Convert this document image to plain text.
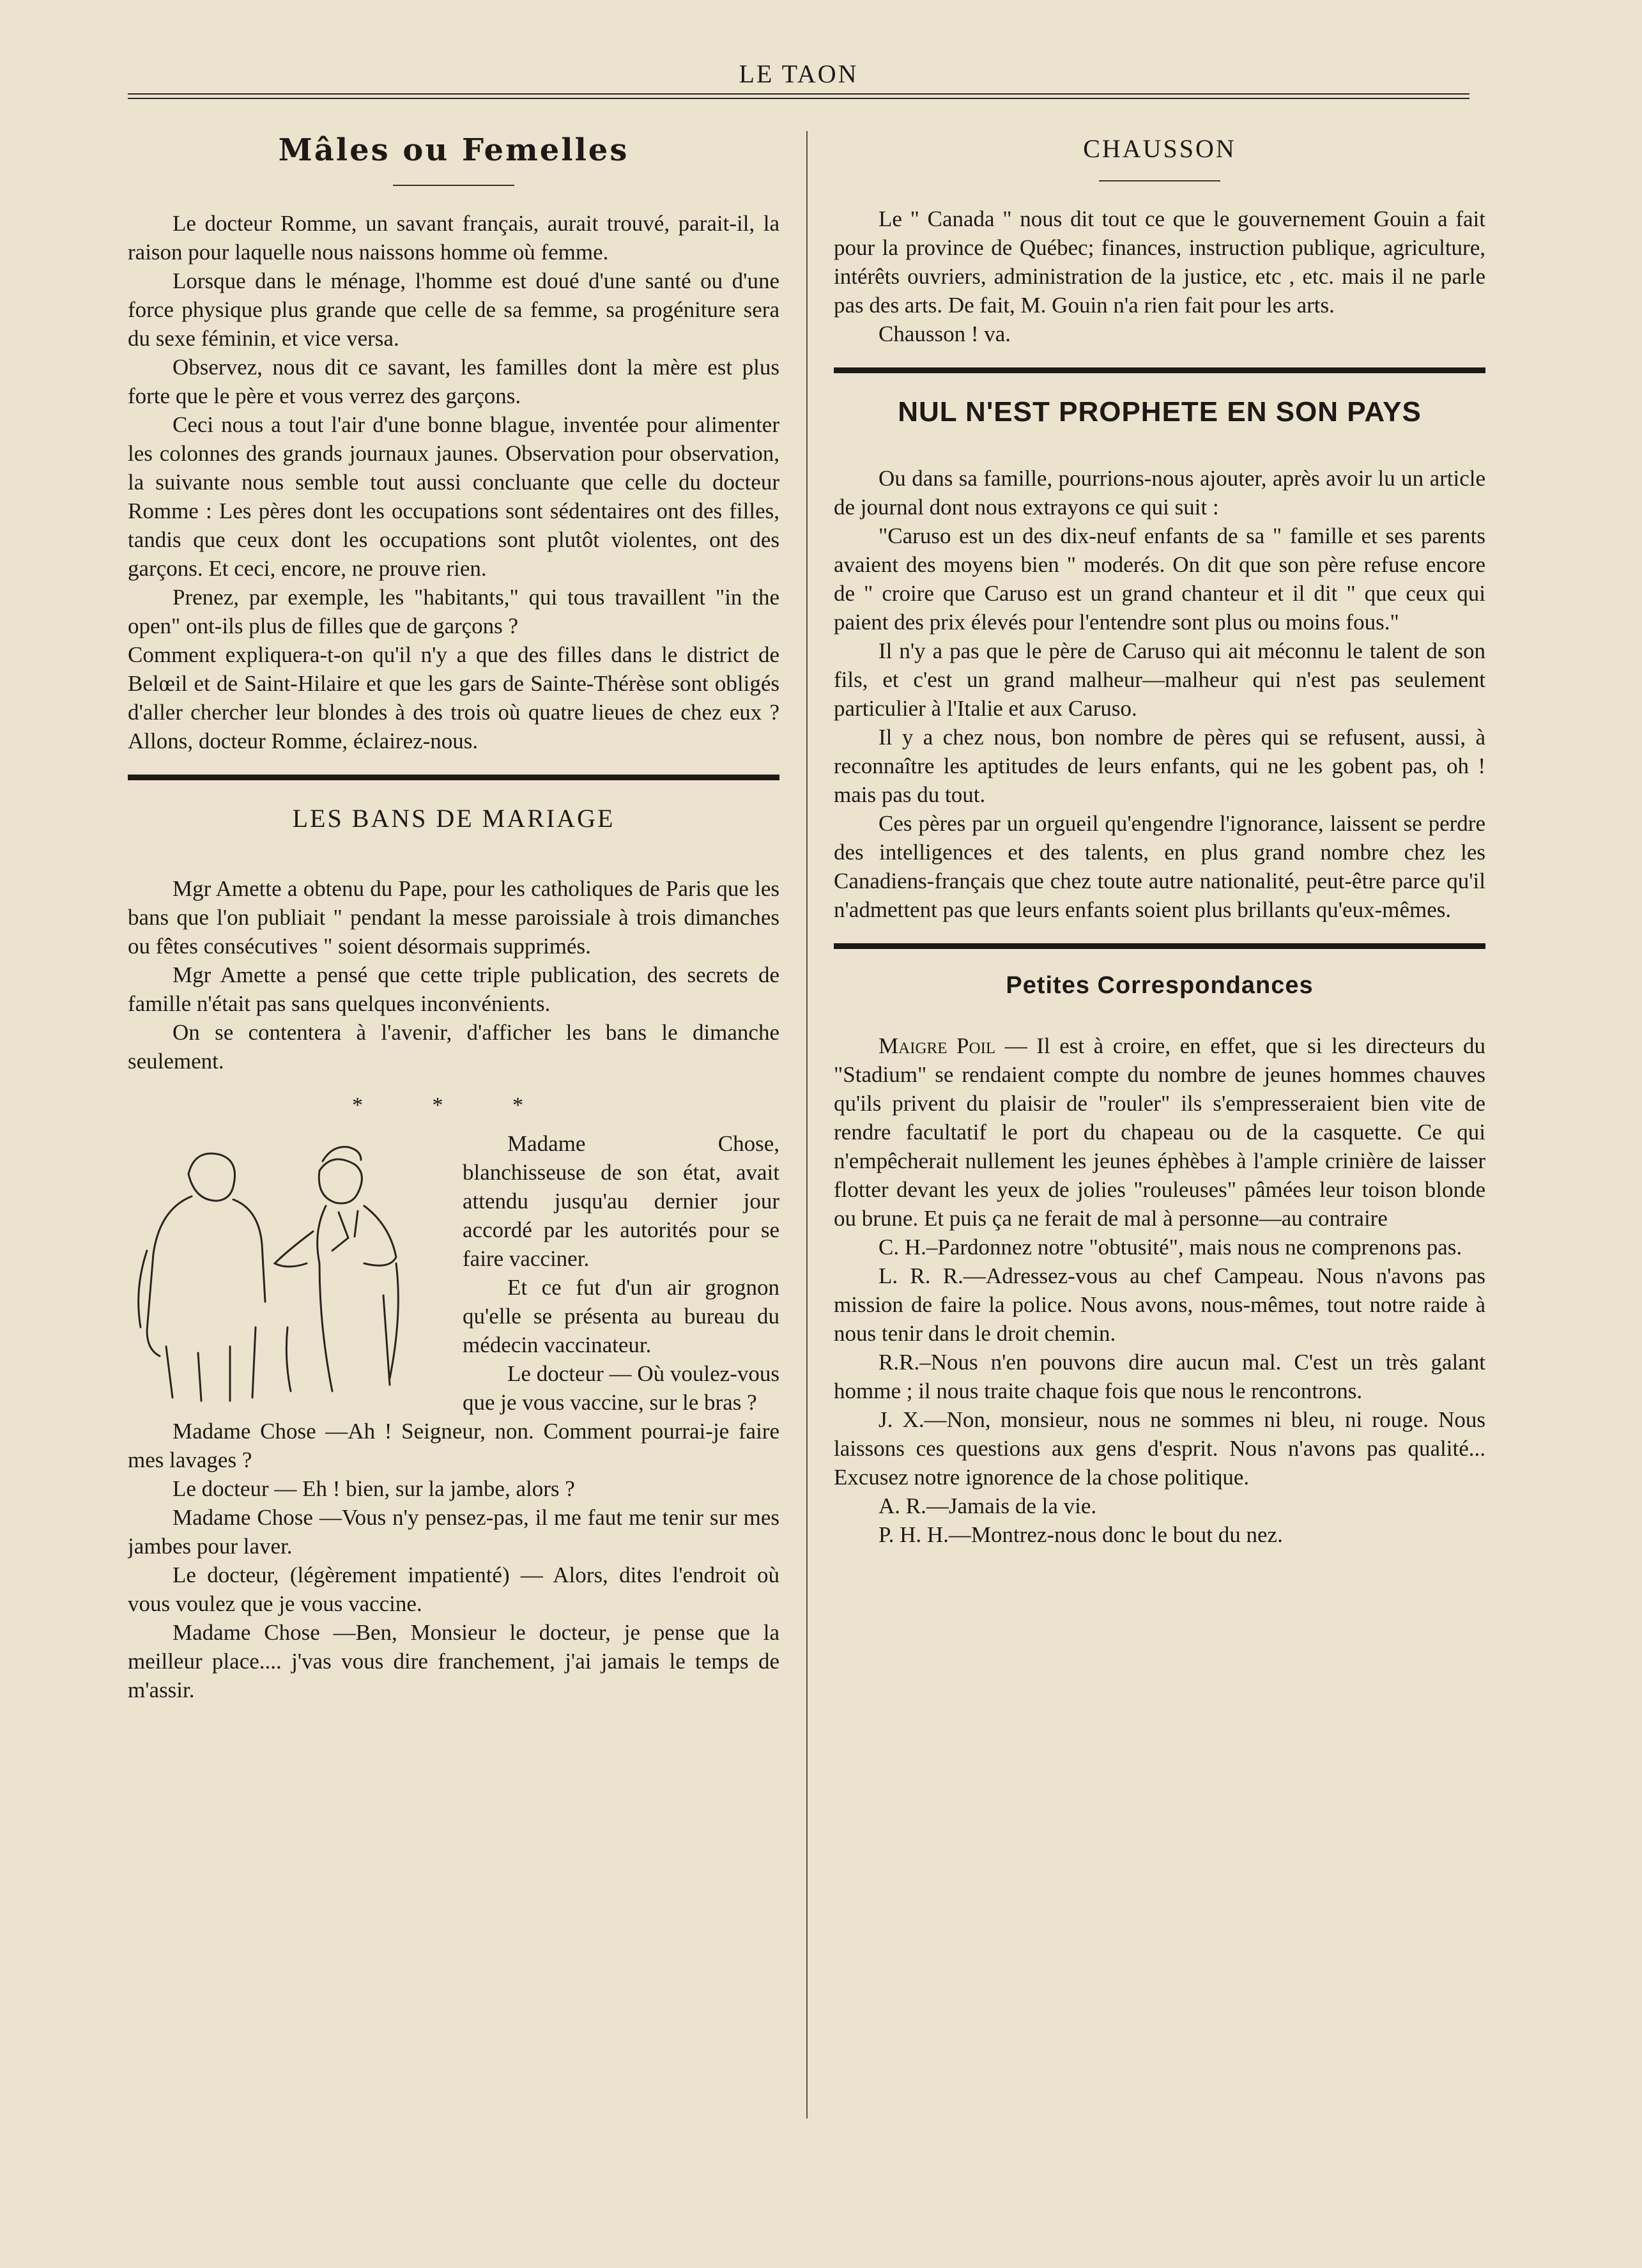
LE TAON
Mâles ou Femelles

Le docteur Romme, un savant français, aurait trouvé, parait-il, la raison pour laquelle nous naissons homme où femme.

Lorsque dans le ménage, l'homme est doué d'une santé ou d'une force physique plus grande que celle de sa femme, sa progéniture sera du sexe féminin, et vice versa.

Observez, nous dit ce savant, les familles dont la mère est plus forte que le père et vous verrez des garçons.

Ceci nous a tout l'air d'une bonne blague, inventée pour alimenter les colonnes des grands journaux jaunes. Observation pour observation, la suivante nous semble tout aussi concluante que celle du docteur Romme : Les pères dont les occupations sont sédentaires ont des filles, tandis que ceux dont les occupations sont plutôt violentes, ont des garçons. Et ceci, encore, ne prouve rien.

Prenez, par exemple, les "habitants," qui tous travaillent "in the open" ont-ils plus de filles que de garçons ?

Comment expliquera-t-on qu'il n'y a que des filles dans le district de Belœil et de Saint-Hilaire et que les gars de Sainte-Thérèse sont obligés d'aller chercher leur blondes à des trois où quatre lieues de chez eux ? Allons, docteur Romme, éclairez-nous.

LES BANS DE MARIAGE

Mgr Amette a obtenu du Pape, pour les catholiques de Paris que les bans que l'on publiait " pendant la messe paroissiale à trois dimanches ou fêtes consécutives " soient désormais supprimés.

Mgr Amette a pensé que cette triple publication, des secrets de famille n'était pas sans quelques inconvénients.

On se contentera à l'avenir, d'afficher les bans le dimanche seulement.

* * *

Madame Chose, blanchisseuse de son état, avait attendu jusqu'au dernier jour accordé par les autorités pour se faire vacciner.

Et ce fut d'un air grognon qu'elle se présenta au bureau du médecin vaccinateur.

Le docteur — Où voulez-vous que je vous vaccine, sur le bras ?

Madame Chose —Ah ! Seigneur, non. Comment pourrai-je faire mes lavages ?

Le docteur — Eh ! bien, sur la jambe, alors ?

Madame Chose —Vous n'y pensez-pas, il me faut me tenir sur mes jambes pour laver.

Le docteur, (légèrement impatienté) — Alors, dites l'endroit où vous voulez que je vous vaccine.

Madame Chose —Ben, Monsieur le docteur, je pense que la meilleur place.... j'vas vous dire franchement, j'ai jamais le temps de m'assir.

CHAUSSON

Le " Canada " nous dit tout ce que le gouvernement Gouin a fait pour la province de Québec; finances, instruction publique, agriculture, intérêts ouvriers, administration de la justice, etc , etc. mais il ne parle pas des arts. De fait, M. Gouin n'a rien fait pour les arts.

Chausson ! va.

NUL N'EST PROPHETE EN SON PAYS

Ou dans sa famille, pourrions-nous ajouter, après avoir lu un article de journal dont nous extrayons ce qui suit :

"Caruso est un des dix-neuf enfants de sa " famille et ses parents avaient des moyens bien " moderés. On dit que son père refuse encore de " croire que Caruso est un grand chanteur et il dit " que ceux qui paient des prix élevés pour l'entendre sont plus ou moins fous."

Il n'y a pas que le père de Caruso qui ait méconnu le talent de son fils, et c'est un grand malheur—malheur qui n'est pas seulement particulier à l'Italie et aux Caruso.

Il y a chez nous, bon nombre de pères qui se refusent, aussi, à reconnaître les aptitudes de leurs enfants, qui ne les gobent pas, oh ! mais pas du tout.

Ces pères par un orgueil qu'engendre l'ignorance, laissent se perdre des intelligences et des talents, en plus grand nombre chez les Canadiens-français que chez toute autre nationalité, peut-être parce qu'il n'admettent pas que leurs enfants soient plus brillants qu'eux-mêmes.

Petites Correspondances

Maigre Poil — Il est à croire, en effet, que si les directeurs du "Stadium" se rendaient compte du nombre de jeunes hommes chauves qu'ils privent du plaisir de "rouler" ils s'empresseraient bien vite de rendre facultatif le port du chapeau ou de la casquette. Ce qui n'empêcherait nullement les jeunes éphèbes à l'ample crinière de laisser flotter devant les yeux de jolies "rouleuses" pâmées leur toison blonde ou brune. Et puis ça ne ferait de mal à personne—au contraire

C. H.–Pardonnez notre "obtusité", mais nous ne comprenons pas.

L. R. R.—Adressez-vous au chef Campeau. Nous n'avons pas mission de faire la police. Nous avons, nous-mêmes, tout notre raide à nous tenir dans le droit chemin.

R.R.–Nous n'en pouvons dire aucun mal. C'est un très galant homme ; il nous traite chaque fois que nous le rencontrons.

J. X.—Non, monsieur, nous ne sommes ni bleu, ni rouge. Nous laissons ces questions aux gens d'esprit. Nous n'avons pas qualité... Excusez notre ignorence de la chose politique.

A. R.—Jamais de la vie.

P. H. H.—Montrez-nous donc le bout du nez.
